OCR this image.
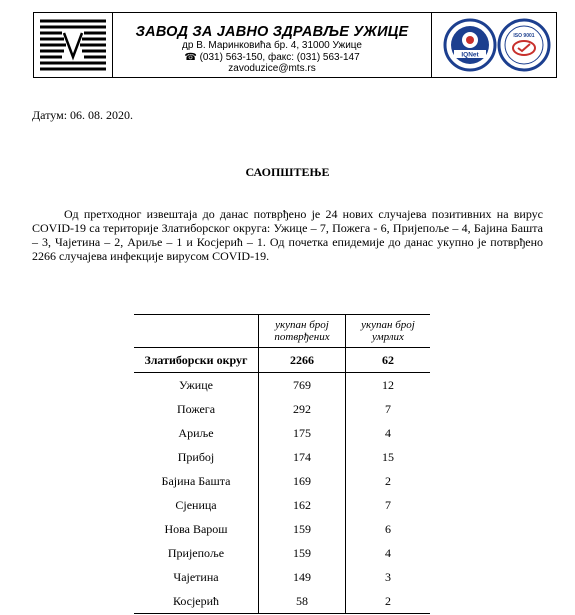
ЗАВОД ЗА ЈАВНО ЗДРАВЉЕ УЖИЦЕ
др В. Маринковића бр. 4, 31000 Ужице
☎ (031) 563-150, факс: (031) 563-147
zavoduzice@mts.rs
IQNet
ISO 9001
Датум: 06. 08. 2020.
САОПШТЕЊЕ

Од претходног извештаја до данас потврђено је 24 нових случајева позитивних на вирус COVID-19 са територије Златиборског округа: Ужице – 7, Пожега - 6, Пријепоље – 4, Бајина Башта – 3, Чајетина – 2, Ариље – 1 и Косјерић – 1. Од почетка епидемије до данас укупно је потврђено 2266 случајева инфекције вирусом COVID-19.

	укупан број потврђених	укупан број умрлих
Златиборски округ	2266	62
Ужице	769	12
Пожега	292	7
Ариље	175	4
Прибој	174	15
Бајина Башта	169	2
Сјеница	162	7
Нова Варош	159	6
Пријепоље	159	4
Чајетина	149	3
Косјерић	58	2
